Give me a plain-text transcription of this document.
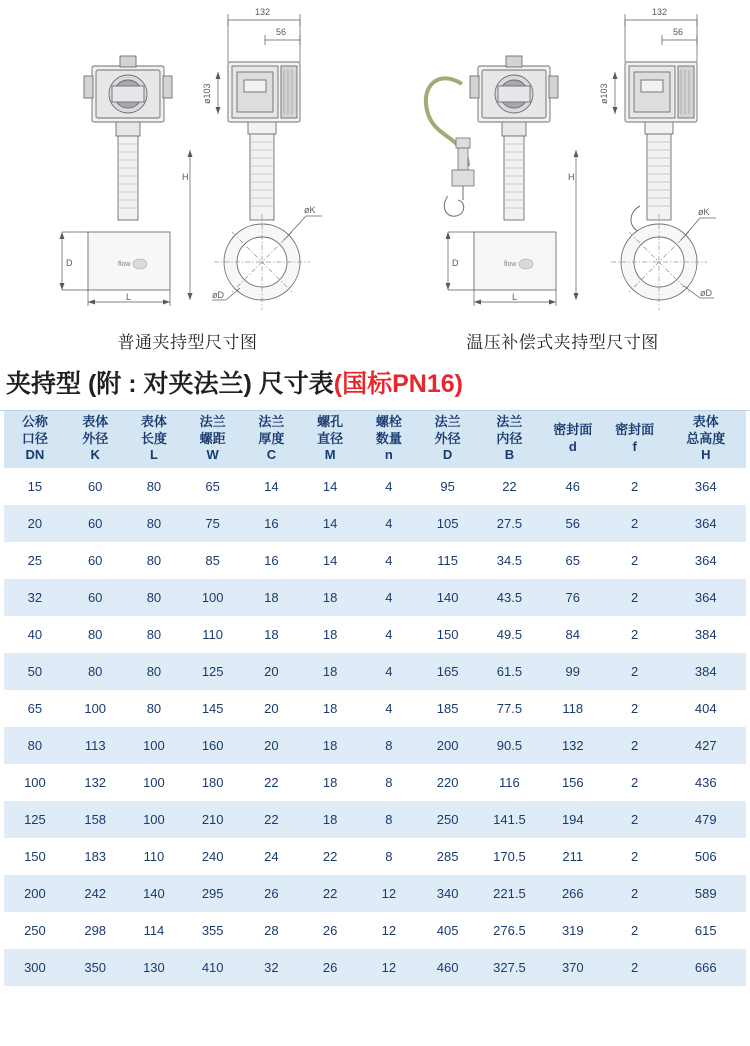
132
56
flow
H
D
L
ø103
øK
øD
132
56
flow
H
D
L
ø103
øK
øD
普通夹持型尺寸图	温压补偿式夹持型尺寸图
夹持型 (附 : 对夹法兰) 尺寸表 (国标PN16)
公称
口径
DN	表体
外径
K	表体
长度
L	法兰
螺距
W	法兰
厚度
C	螺孔
直径
M	螺栓
数量
n	法兰
外径
D	法兰
内径
B	密封面
d	密封面
f	表体
总高度
H

15	60	80	65	14	14	4	95	22	46	2	364
20	60	80	75	16	14	4	105	27.5	56	2	364
25	60	80	85	16	14	4	115	34.5	65	2	364
32	60	80	100	18	18	4	140	43.5	76	2	364
40	80	80	110	18	18	4	150	49.5	84	2	384
50	80	80	125	20	18	4	165	61.5	99	2	384
65	100	80	145	20	18	4	185	77.5	118	2	404
80	113	100	160	20	18	8	200	90.5	132	2	427
100	132	100	180	22	18	8	220	116	156	2	436
125	158	100	210	22	18	8	250	141.5	194	2	479
150	183	110	240	24	22	8	285	170.5	211	2	506
200	242	140	295	26	22	12	340	221.5	266	2	589
250	298	114	355	28	26	12	405	276.5	319	2	615
300	350	130	410	32	26	12	460	327.5	370	2	666
